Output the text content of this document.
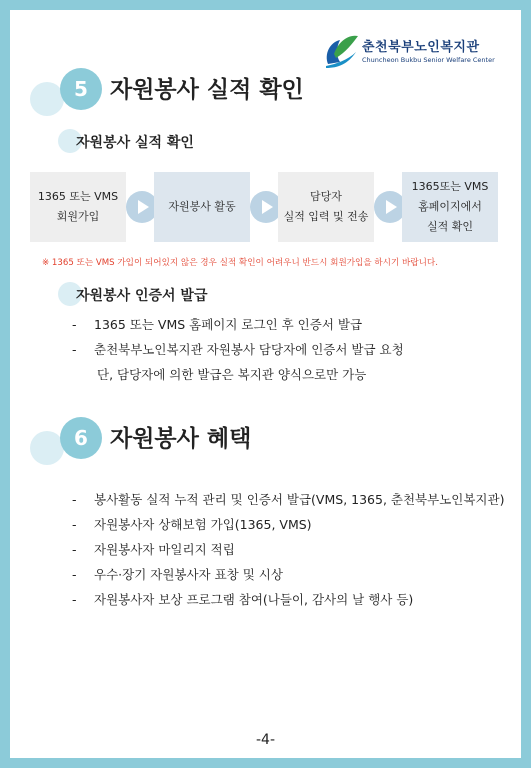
춘천북부노인복지관
Chuncheon Bukbu Senior Welfare Center
5 자원봉사 실적 확인
자원봉사 실적 확인
1365 또는 VMS
회원가입
자원봉사 활동
담당자
실적 입력 및 전송
1365또는 VMS
홈페이지에서
실적 확인
※ 1365 또는 VMS 가입이 되어있지 않은 경우 실적 확인이 어려우니 반드시 회원가입을 하시기 바랍니다.
자원봉사 인증서 발급
- 1365 또는 VMS 홈페이지 로그인 후 인증서 발급
- 춘천북부노인복지관 자원봉사 담당자에 인증서 발급 요청
단, 담당자에 의한 발급은 복지관 양식으로만 가능
6 자원봉사 혜택
- 봉사활동 실적 누적 관리 및 인증서 발급(VMS, 1365, 춘천북부노인복지관)
- 자원봉사자 상해보험 가입(1365, VMS)
- 자원봉사자 마일리지 적립
- 우수·장기 자원봉사자 표창 및 시상
- 자원봉사자 보상 프로그램 참여(나들이, 감사의 날 행사 등)
-4-
